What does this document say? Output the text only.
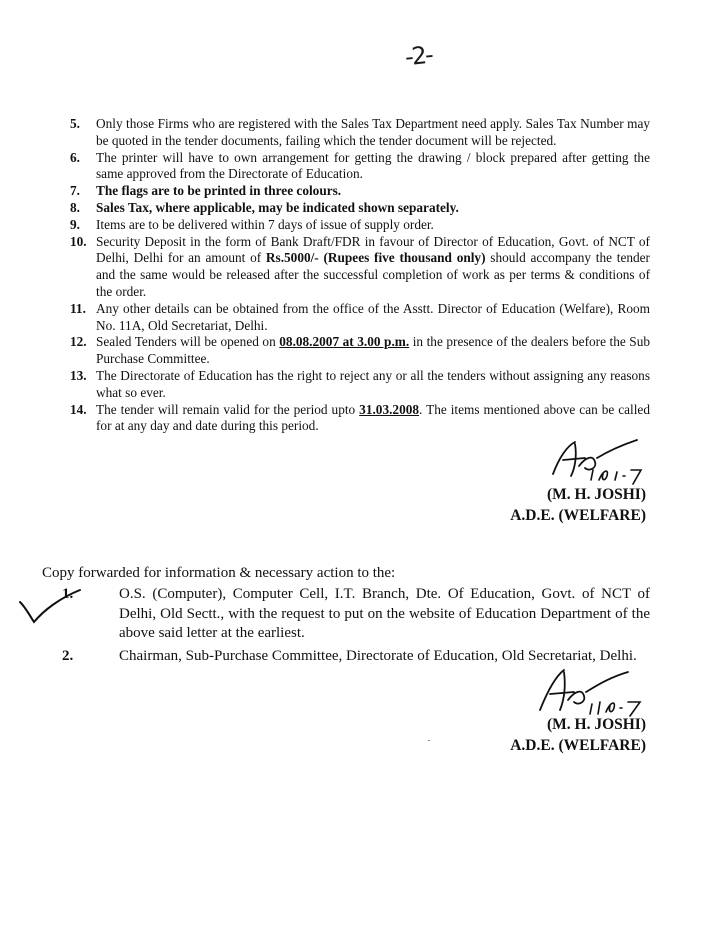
-2-
5.	Only those Firms who are registered with the Sales Tax Department need apply. Sales Tax Number may be quoted in the tender documents, failing which the tender document will be rejected.
6.	The printer will have to own arrangement for getting the drawing / block prepared after getting the same approved from the Directorate of Education.
7.	The flags are to be printed in three colours.
8.	Sales Tax, where applicable, may be indicated shown separately.
9.	Items are to be delivered within 7 days of issue of supply order.
10. Security Deposit in the form of Bank Draft/FDR in favour of Director of Education, Govt. of NCT of Delhi, Delhi for an amount of Rs.5000/- (Rupees five thousand only) should accompany the tender and the same would be released after the successful completion of work as per terms & conditions of the order.
11. Any other details can be obtained from the office of the Asstt. Director of Education (Welfare), Room No. 11A, Old Secretariat, Delhi.
12. Sealed Tenders will be opened on 08.08.2007 at 3.00 p.m. in the presence of the dealers before the Sub Purchase Committee.
13. The Directorate of Education has the right to reject any or all the tenders without assigning any reasons what so ever.
14. The tender will remain valid for the period upto 31.03.2008. The items mentioned above can be called for at any day and date during this period.
(M. H. JOSHI)
A.D.E. (WELFARE)
Copy forwarded for information & necessary action to the:
1.	O.S. (Computer), Computer Cell, I.T. Branch, Dte. Of Education, Govt. of NCT of Delhi, Old Sectt., with the request to put on the website of Education Department of the above said letter at the earliest.
2.	Chairman, Sub-Purchase Committee, Directorate of Education, Old Secretariat, Delhi.
(M. H. JOSHI)
A.D.E. (WELFARE)
